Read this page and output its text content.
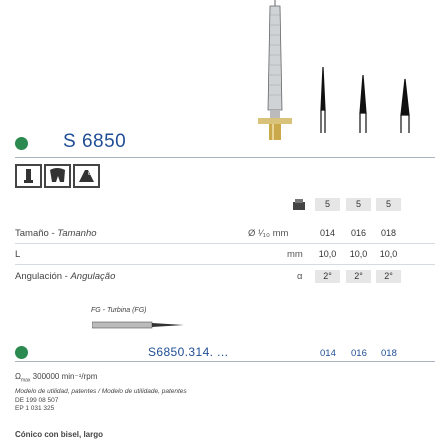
S 6850
α
5	5	5
Tamaño - Tamanho	Ø ¹⁄₁₀ mm	014	016	018
L	mm	10,0	10,0	10,0
Angulación - Angulação	α	2°	2°	2°
FG - Turbina (FG)
S6850.314. ...	014 016 018
$\Omega_{max}$ 300000 min⁻¹/rpm
Modelo de utilidad, patentes / Modelo de utilidade, patentes
DE 199 08 507
EP 1 031 325
Cónico con bisel, largo
